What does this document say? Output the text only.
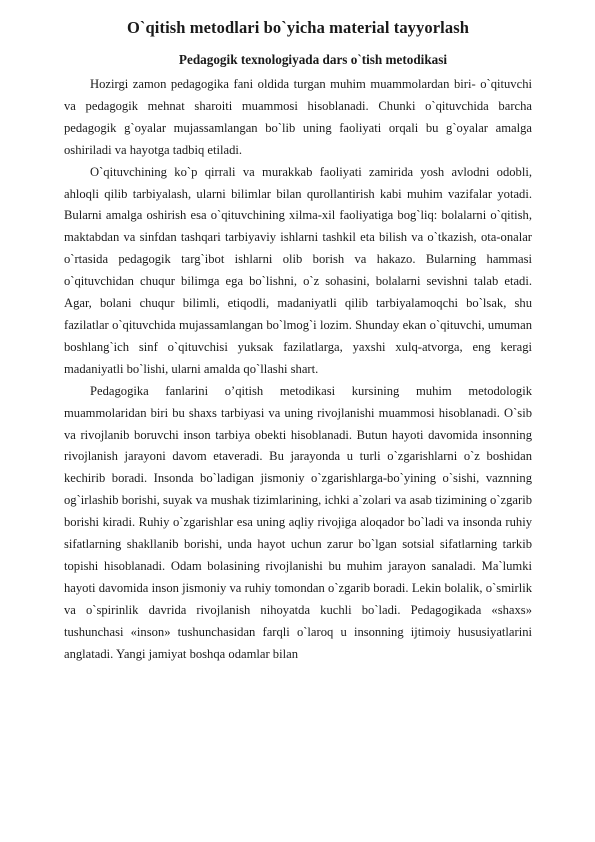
O`qitish metodlari bo`yicha material tayyorlash
Pedagogik texnologiyada dars o`tish metodikasi

Hozirgi zamon pedagogika fani oldida turgan muhim muammolardan biri- o`qituvchi va pedagogik mehnat sharoiti muammosi hisoblanadi. Chunki o`qituvchida barcha pedagogik g`oyalar mujassamlangan bo`lib uning faoliyati orqali bu g`oyalar amalga oshiriladi va hayotga tadbiq etiladi.

O`qituvchining ko`p qirrali va murakkab faoliyati zamirida yosh avlodni odobli, ahloqli qilib tarbiyalash, ularni bilimlar bilan qurollantirish kabi muhim vazifalar yotadi. Bularni amalga oshirish esa o`qituvchining xilma-xil faoliyatiga bog`liq: bolalarni o`qitish, maktabdan va sinfdan tashqari tarbiyaviy ishlarni tashkil eta bilish va o`tkazish, ota-onalar o`rtasida pedagogik targ`ibot ishlarni olib borish va hakazo. Bularning hammasi o`qituvchidan chuqur bilimga ega bo`lishni, o`z sohasini, bolalarni sevishni talab etadi. Agar, bolani chuqur bilimli, etiqodli, madaniyatli qilib tarbiyalamoqchi bo`lsak, shu fazilatlar o`qituvchida mujassamlangan bo`lmog`i lozim. Shunday ekan o`qituvchi, umuman boshlang`ich sinf o`qituvchisi yuksak fazilatlarga, yaxshi xulq-atvorga, eng keragi madaniyatli bo`lishi, ularni amalda qo`llashi shart.

Pedagogika fanlarini o’qitish metodikasi kursining muhim metodologik muammolaridan biri bu shaxs tarbiyasi va uning rivojlanishi muammosi hisoblanadi. O`sib va rivojlanib boruvchi inson tarbiya obekti hisoblanadi. Butun hayoti davomida insonning rivojlanish jarayoni davom etaveradi. Bu jarayonda u turli o`zgarishlarni o`z boshidan kechirib boradi. Insonda bo`ladigan jismoniy o`zgarishlarga-bo`yining o`sishi, vaznning og`irlashib borishi, suyak va mushak tizimlarining, ichki a`zolari va asab tizimining o`zgarib borishi kiradi. Ruhiy o`zgarishlar esa uning aqliy rivojiga aloqador bo`ladi va insonda ruhiy sifatlarning shakllanib borishi, unda hayot uchun zarur bo`lgan sotsial sifatlarning tarkib topishi hisoblanadi. Odam bolasining rivojlanishi bu muhim jarayon sanaladi. Ma`lumki hayoti davomida inson jismoniy va ruhiy tomondan o`zgarib boradi. Lekin bolalik, o`smirlik va o`spirinlik davrida rivojlanish nihoyatda kuchli bo`ladi. Pedagogikada «shaxs» tushunchasi «inson» tushunchasidan farqli o`laroq u insonning ijtimoiy hususiyatlarini anglatadi. Yangi jamiyat boshqa odamlar bilan
